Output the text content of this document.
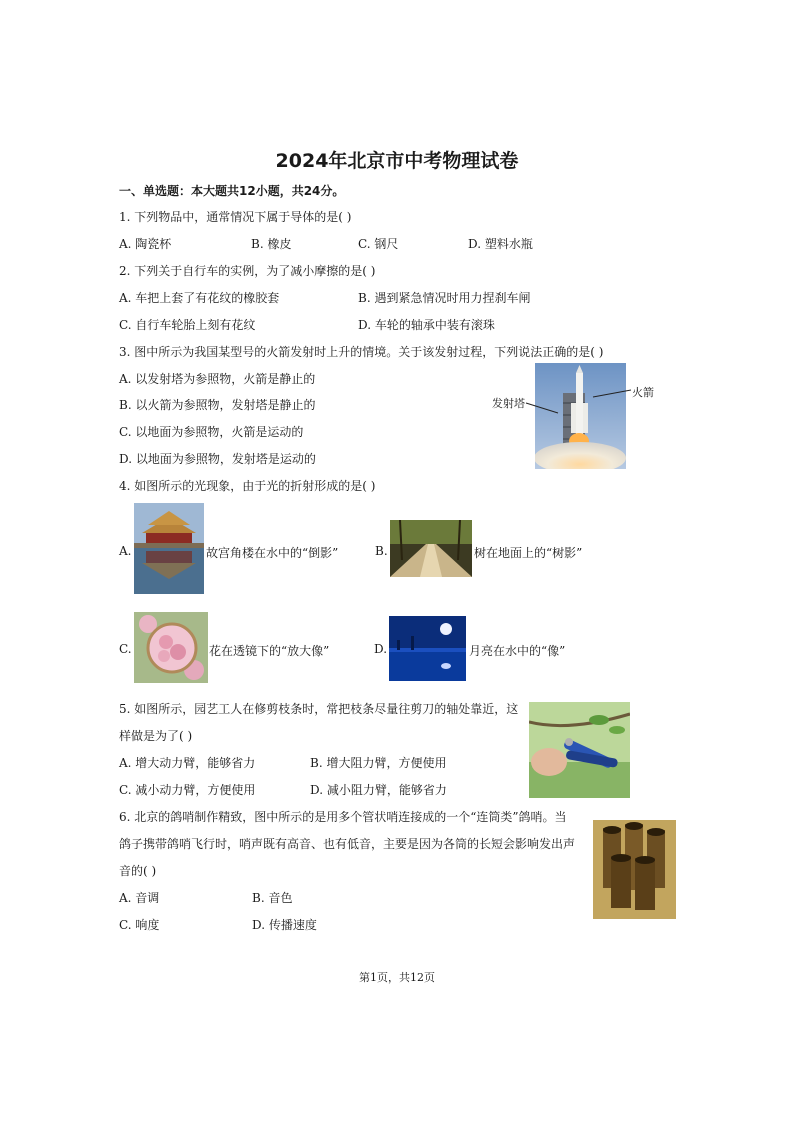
2024年北京市中考物理试卷
一、单选题：本大题共12小题，共24分。
1. 下列物品中，通常情况下属于导体的是( )
A. 陶瓷杯	B. 橡皮	C. 钢尺	D. 塑料水瓶
2. 下列关于自行车的实例，为了减小摩擦的是( )
A. 车把上套了有花纹的橡胶套	B. 遇到紧急情况时用力捏刹车闸
C. 自行车轮胎上刻有花纹	D. 车轮的轴承中装有滚珠
3. 图中所示为我国某型号的火箭发射时上升的情境。关于该发射过程，下列说法正确的是( )
A. 以发射塔为参照物，火箭是静止的
B. 以火箭为参照物，发射塔是静止的
C. 以地面为参照物，火箭是运动的
D. 以地面为参照物，发射塔是运动的
火箭
发射塔
4. 如图所示的光现象，由于光的折射形成的是( )
A.	故宫角楼在水中的“倒影”	B.	树在地面上的“树影”
C.	花在透镜下的“放大像”	D.	月亮在水中的“像”
5. 如图所示，园艺工人在修剪枝条时，常把枝条尽量往剪刀的轴处靠近，这
样做是为了( )
A. 增大动力臂，能够省力	B. 增大阻力臂，方便使用
C. 减小动力臂，方便使用	D. 减小阻力臂，能够省力
6. 北京的鸽哨制作精致，图中所示的是用多个管状哨连接成的一个“连筒类”鸽哨。当
鸽子携带鸽哨飞行时，哨声既有高音、也有低音，主要是因为各筒的长短会影响发出声
音的( )
A. 音调	B. 音色
C. 响度	D. 传播速度
第1页，共12页
